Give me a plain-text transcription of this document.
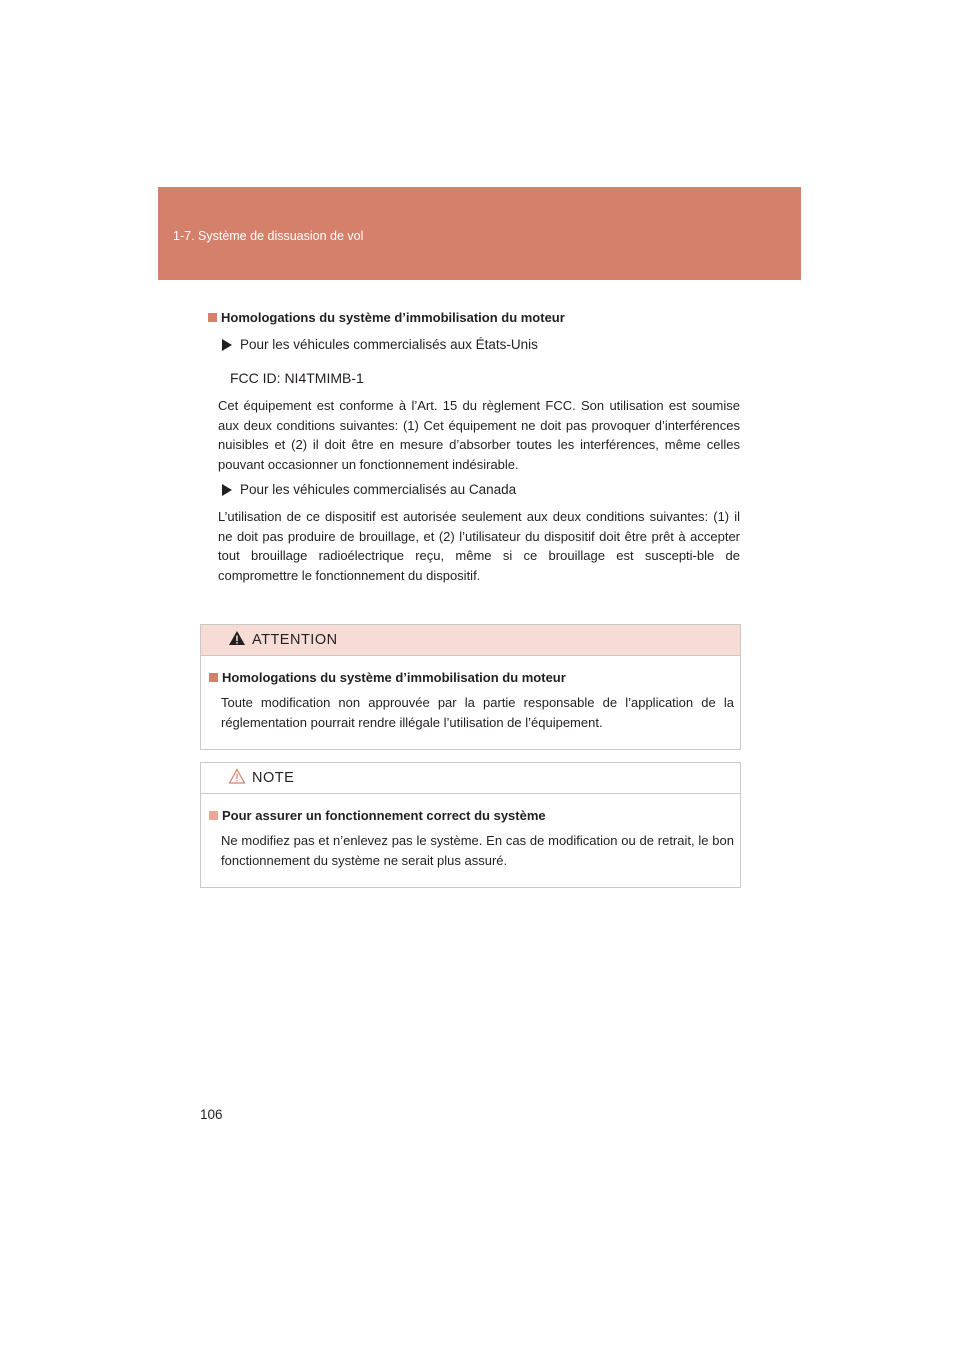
1-7. Système de dissuasion de vol
Homologations du système d’immobilisation du moteur
Pour les véhicules commercialisés aux États-Unis
FCC ID: NI4TMIMB-1
Cet équipement est conforme à l’Art. 15 du règlement FCC. Son utilisation est soumise aux deux conditions suivantes: (1) Cet équipement ne doit pas provoquer d’interférences nuisibles et (2) il doit être en mesure d’absorber toutes les interférences, même celles pouvant occasionner un fonctionnement indésirable.
Pour les véhicules commercialisés au Canada
L’utilisation de ce dispositif est autorisée seulement aux deux conditions suivantes: (1) il ne doit pas produire de brouillage, et (2) l’utilisateur du dispositif doit être prêt à accepter tout brouillage radioélectrique reçu, même si ce brouillage est suscepti-ble de compromettre le fonctionnement du dispositif.
ATTENTION
Homologations du système d’immobilisation du moteur
Toute modification non approuvée par la partie responsable de l’application de la réglementation pourrait rendre illégale l’utilisation de l’équipement.
NOTE
Pour assurer un fonctionnement correct du système
Ne modifiez pas et n’enlevez pas le système. En cas de modification ou de retrait, le bon fonctionnement du système ne serait plus assuré.
106
